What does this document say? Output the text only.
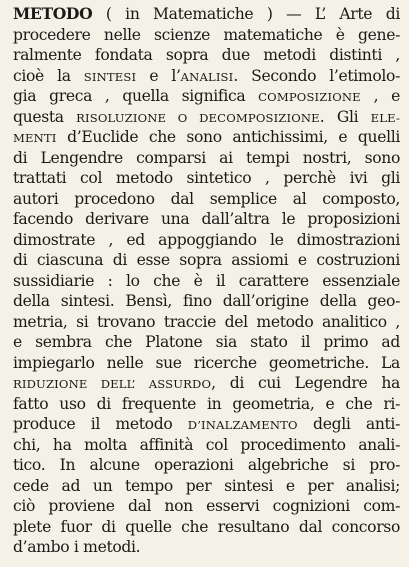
METODO ( in Matematiche ) — L’ Arte di
procedere nelle scienze matematiche è gene-
ralmente fondata sopra due metodi distinti ,
cioè la SINTESI e l’ANALISI. Secondo l’etimolo-
gia greca , quella significa COMPOSIZIONE , e
questa RISOLUZIONE O DECOMPOSIZIONE. Gli ELE-
MENTI d’Euclide che sono antichissimi, e quelli
di Lengendre comparsi ai tempi nostri, sono
trattati col metodo sintetico , perchè ivi gli
autori procedono dal semplice al composto,
facendo derivare una dall’altra le proposizioni
dimostrate , ed appoggiando le dimostrazioni
di ciascuna di esse sopra assiomi e costruzioni
sussidiarie : lo che è il carattere essenziale
della sintesi. Bensì, fino dall’origine della geo-
metria, si trovano traccie del metodo analitico ,
e sembra che Platone sia stato il primo ad
impiegarlo nelle sue ricerche geometriche. La
RIDUZIONE DELL’ ASSURDO, di cui Legendre ha
fatto uso di frequente in geometria, e che ri-
produce il metodo D’INALZAMENTO degli anti-
chi, ha molta affinità col procedimento anali-
tico. In alcune operazioni algebriche si pro-
cede ad un tempo per sintesi e per analisi;
ciò proviene dal non esservi cognizioni com-
plete fuor di quelle che resultano dal concorso
d’ambo i metodi.
